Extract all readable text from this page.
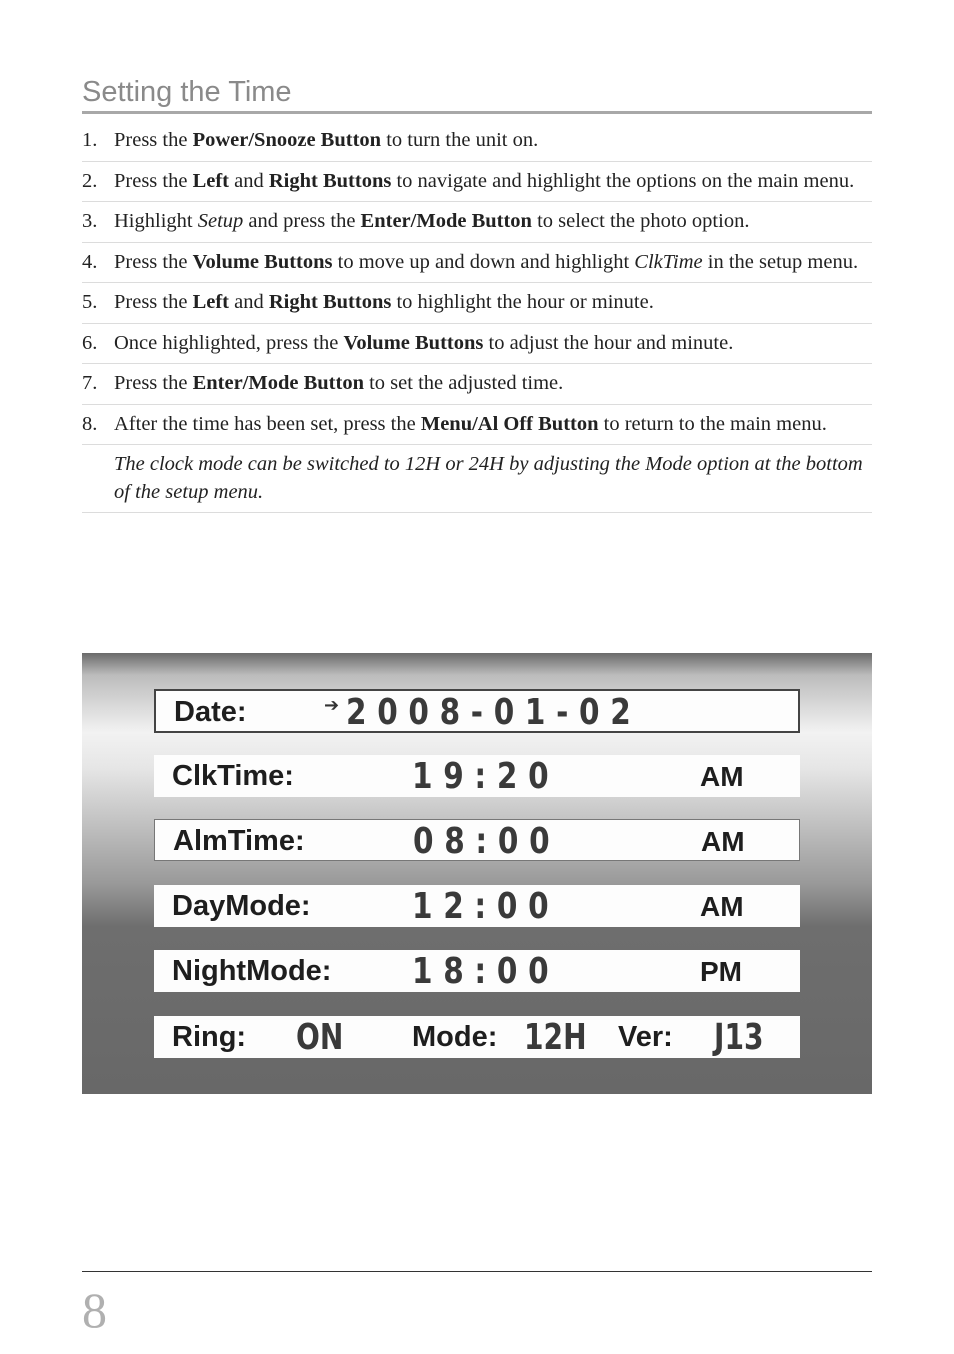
Setting the Time
1. Press the Power/Snooze Button to turn the unit on.
2. Press the Left and Right Buttons to navigate and highlight the options on the main menu.
3. Highlight Setup and press the Enter/Mode Button to select the photo option.
4. Press the Volume Buttons to move up and down and highlight ClkTime in the setup menu.
5. Press the Left and Right Buttons to highlight the hour or minute.
6. Once highlighted, press the Volume Buttons to adjust the hour and minute.
7. Press the Enter/Mode Button to set the adjusted time.
8. After the time has been set, press the Menu/Al Off Button to return to the main menu.
The clock mode can be switched to 12H or 24H by adjusting the Mode option at the bottom of the setup menu.
Date:	➔ 2008-01-02
ClkTime:	19:20	AM
AlmTime:	08:00	AM
DayMode:	12:00	AM
NightMode: 18:00	PM
Ring: ON Mode: 12H Ver: J13
8
